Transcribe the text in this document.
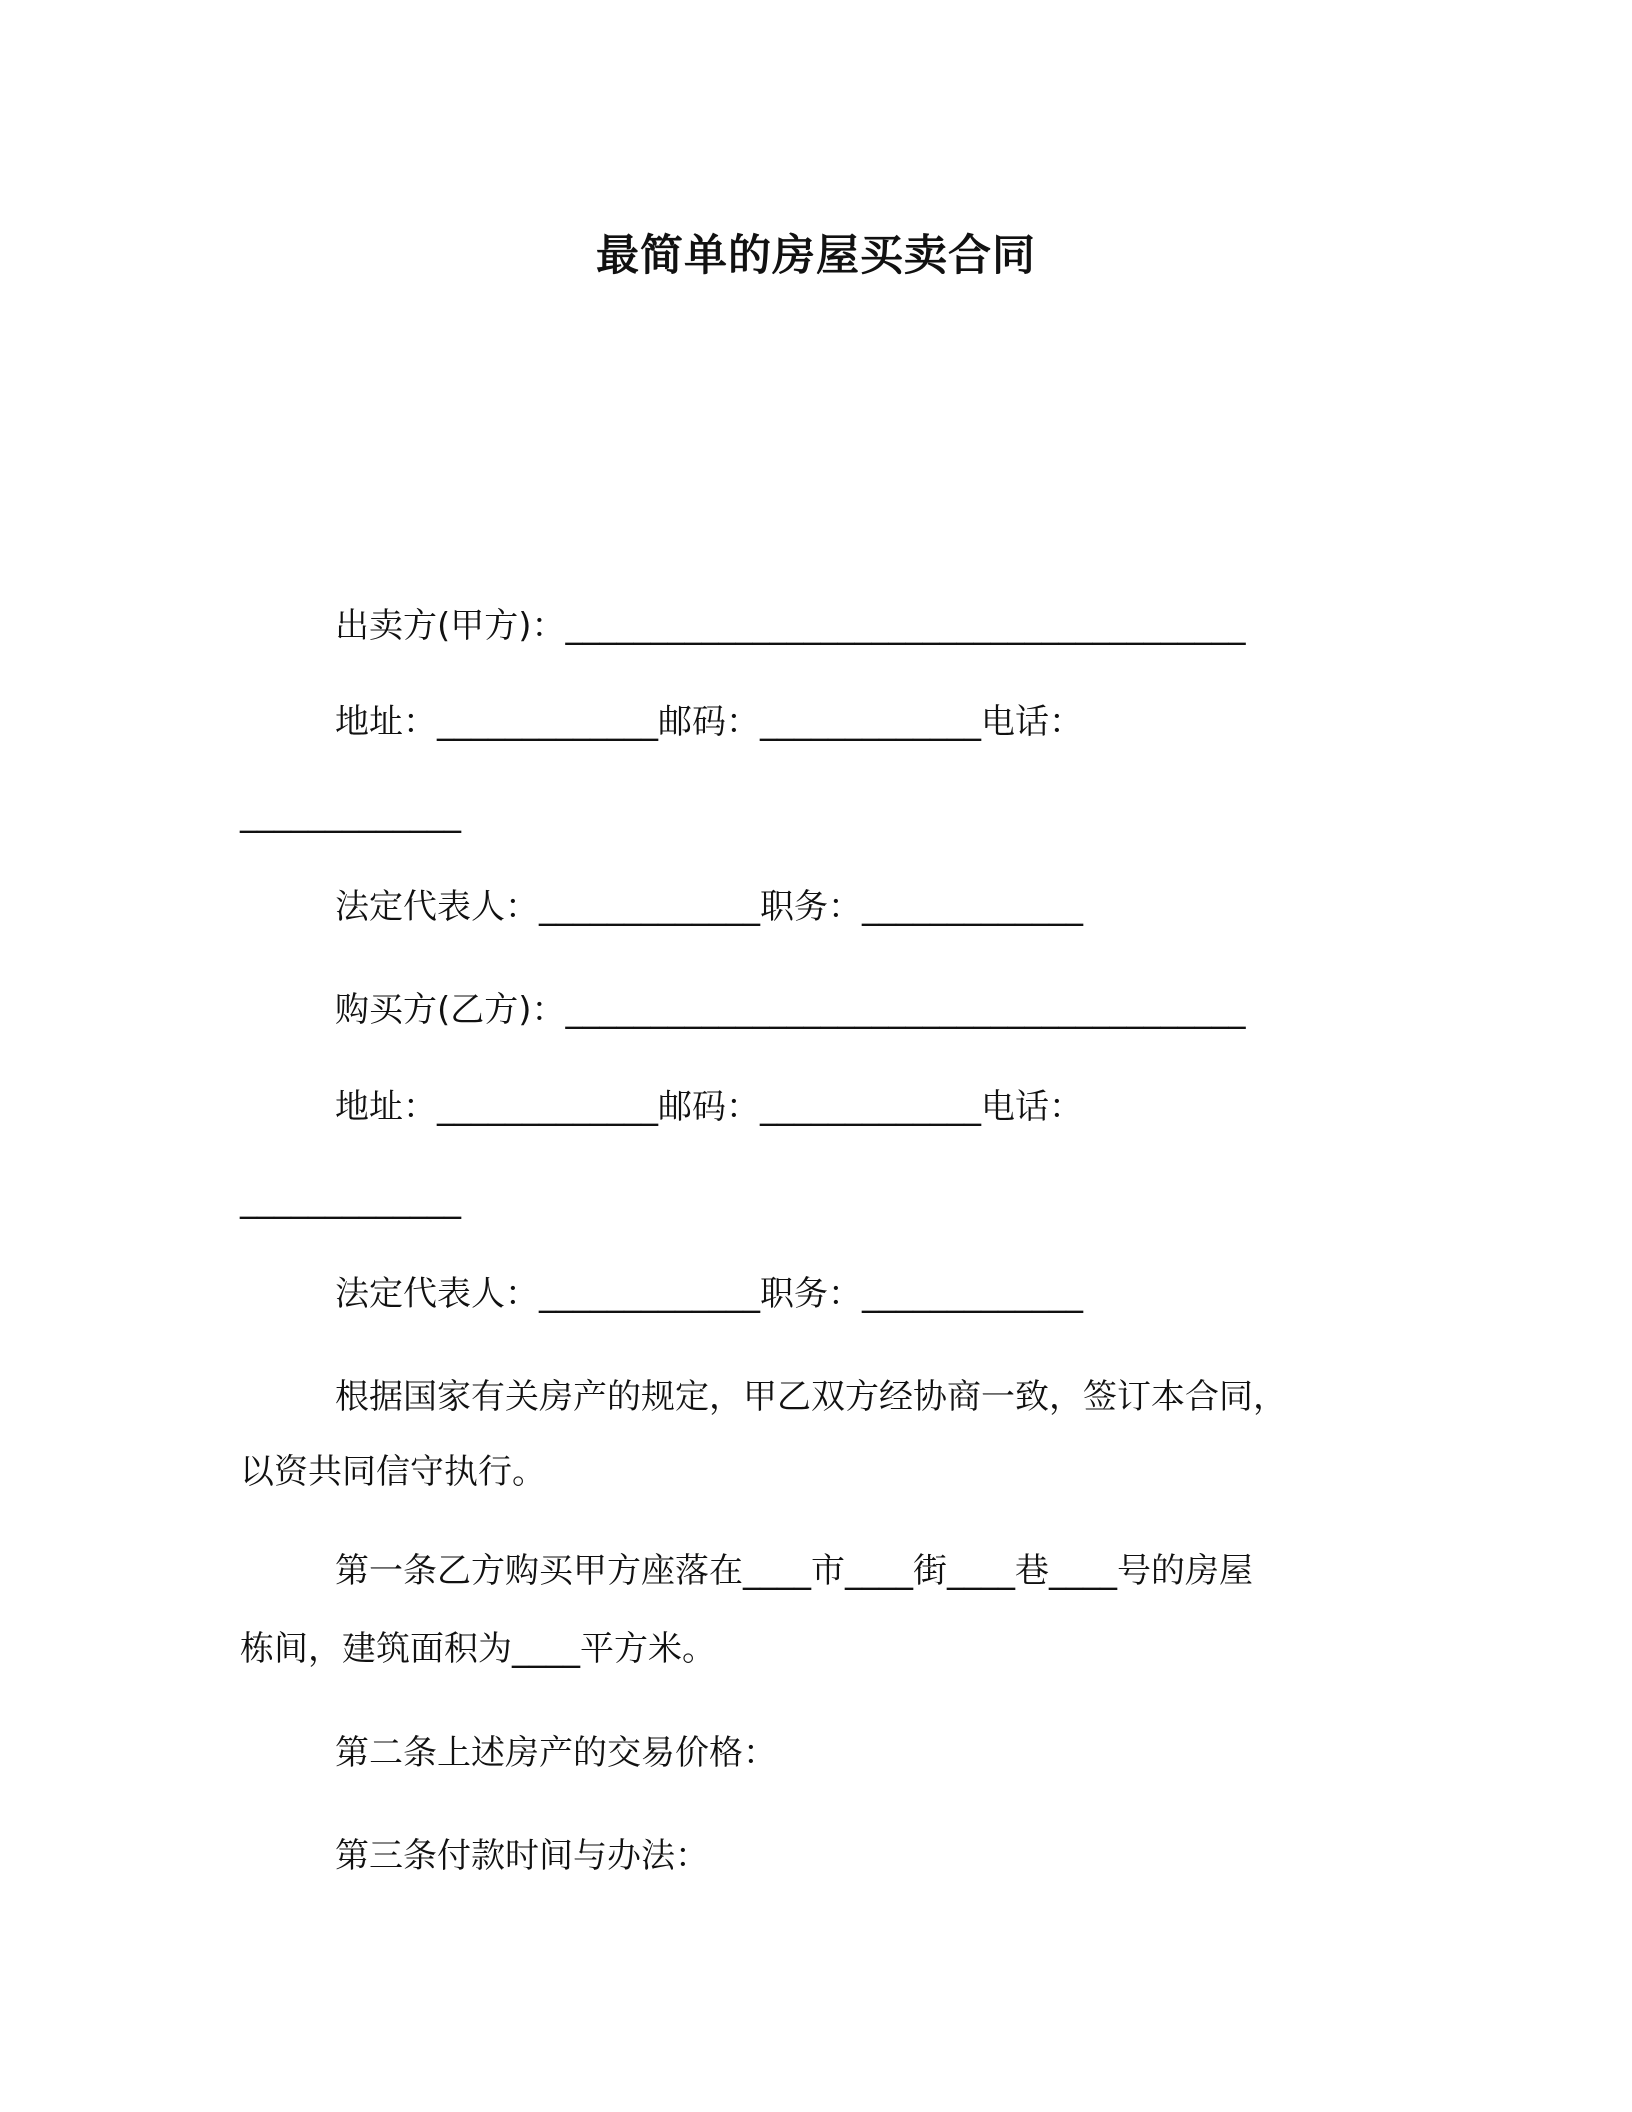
最简单的房屋买卖合同
出卖方(甲方)：________________________________________
地址：_____________邮码：_____________电话：
_____________
法定代表人：_____________职务：_____________
购买方(乙方)：________________________________________
地址：_____________邮码：_____________电话：
_____________
法定代表人：_____________职务：_____________
根据国家有关房产的规定，甲乙双方经协商一致，签订本合同，
以资共同信守执行。
第一条乙方购买甲方座落在____市____街____巷____号的房屋
栋间，建筑面积为____平方米。
第二条上述房产的交易价格：
第三条付款时间与办法：
